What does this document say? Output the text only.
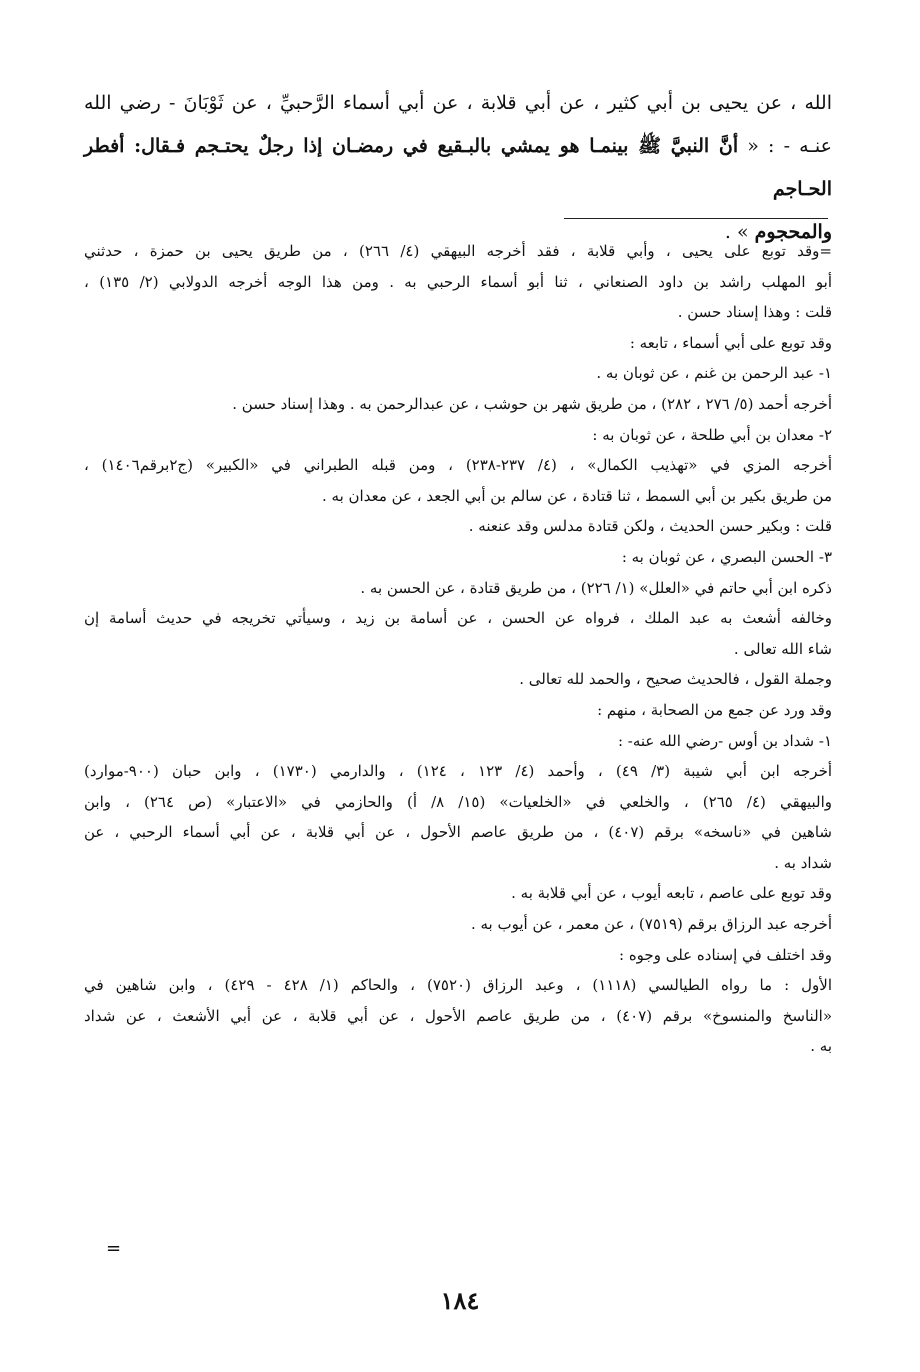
الله ، عن يحيى بن أبي كثير ، عن أبي قلابة ، عن أبي أسماء الرَّحبيِّ ، عن ثَوْبَانَ - رضي الله

عنـه - : « أنَّ النبيَّ ﷺ بينمـا هو يمشي بالبـقيع في رمضـان إذا رجلٌ يحتـجم فـقال: أفطر الحـاجم

والمحجوم » .

=وقد توبع على يحيى ، وأبي قلابة ، فقد أخرجه البيهقي (٤/ ٢٦٦) ، من طريق يحيى بن حمزة ، حدثني
أبو المهلب راشد بن داود الصنعاني ، ثنا أبو أسماء الرحبي به . ومن هذا الوجه أخرجه الدولابي (٢/ ١٣٥) ،
قلت : وهذا إسناد حسن .
وقد توبع على أبي أسماء ، تابعه :
١- عبد الرحمن بن غنم ، عن ثوبان به .
أخرجه أحمد (٥/ ٢٧٦ ، ٢٨٢) ، من طريق شهر بن حوشب ، عن عبدالرحمن به . وهذا إسناد حسن .
٢- معدان بن أبي طلحة ، عن ثوبان به :
أخرجه المزي في «تهذيب الكمال» ، (٤/ ٢٣٧-٢٣٨) ، ومن قبله الطبراني في «الكبير» (ج٢برقم١٤٠٦) ،
من طريق بكير بن أبي السمط ، ثنا قتادة ، عن سالم بن أبي الجعد ، عن معدان به .
قلت : وبكير حسن الحديث ، ولكن قتادة مدلس وقد عنعنه .
٣- الحسن البصري ، عن ثوبان به :
ذكره ابن أبي حاتم في «العلل» (١/ ٢٢٦) ، من طريق قتادة ، عن الحسن به .
وخالفه أشعث به عبد الملك ، فرواه عن الحسن ، عن أسامة بن زيد ، وسيأتي تخريجه في حديث أسامة إن
شاء الله تعالى .
وجملة القول ، فالحديث صحيح ، والحمد لله تعالى .
وقد ورد عن جمع من الصحابة ، منهم :
١- شداد بن أوس -رضي الله عنه- :
أخرجه ابن أبي شيبة (٣/ ٤٩) ، وأحمد (٤/ ١٢٣ ، ١٢٤) ، والدارمي (١٧٣٠) ، وابن حبان (٩٠٠-موارد)
والبيهقي (٤/ ٢٦٥) ، والخلعي في «الخلعيات» (١٥/ ٨/ أ) والحازمي في «الاعتبار» (ص ٢٦٤) ، وابن
شاهين في «ناسخه» برقم (٤٠٧) ، من طريق عاصم الأحول ، عن أبي قلابة ، عن أبي أسماء الرحبي ، عن
شداد به .
وقد توبع على عاصم ، تابعه أيوب ، عن أبي قلابة به .
أخرجه عبد الرزاق برقم (٧٥١٩) ، عن معمر ، عن أيوب به .
وقد اختلف في إسناده على وجوه :
الأول : ما رواه الطيالسي (١١١٨) ، وعبد الرزاق (٧٥٢٠) ، والحاكم (١/ ٤٢٨ - ٤٢٩) ، وابن شاهين في
«الناسخ والمنسوخ» برقم (٤٠٧) ، من طريق عاصم الأحول ، عن أبي قلابة ، عن أبي الأشعث ، عن شداد
به .
=
١٨٤
